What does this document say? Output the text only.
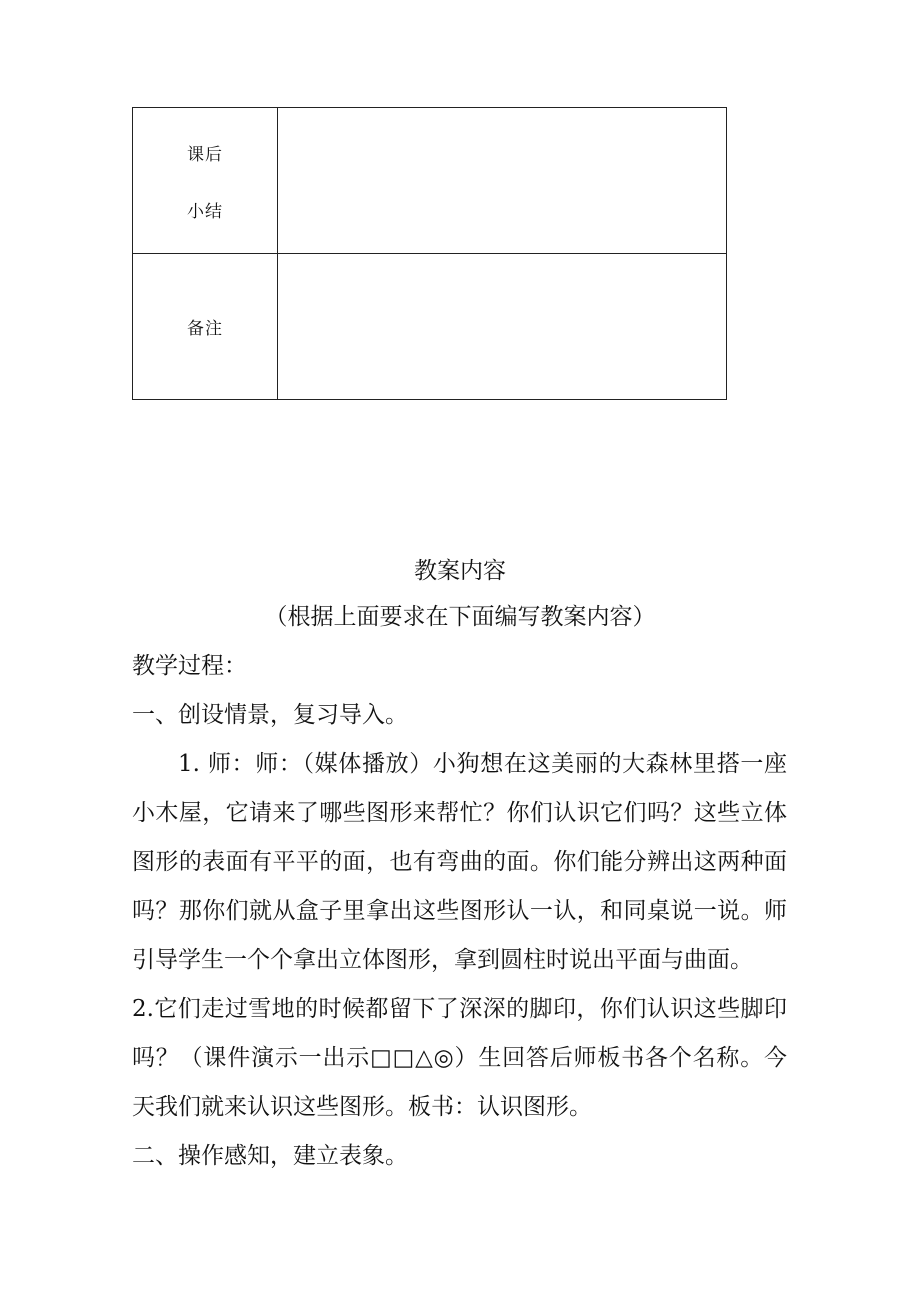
课后
小结	

备注	
教案内容
（根据上面要求在下面编写教案内容）
教学过程：
一、创设情景，复习导入。
1. 师：师：（媒体播放）小狗想在这美丽的大森林里搭一座小木屋，它请来了哪些图形来帮忙？你们认识它们吗？这些立体图形的表面有平平的面，也有弯曲的面。你们能分辨出这两种面吗？那你们就从盒子里拿出这些图形认一认，和同桌说一说。师引导学生一个个拿出立体图形，拿到圆柱时说出平面与曲面。
2.它们走过雪地的时候都留下了深深的脚印，你们认识这些脚印吗？（课件演示一出示□□△◎）生回答后师板书各个名称。今天我们就来认识这些图形。板书：认识图形。
二、操作感知，建立表象。
